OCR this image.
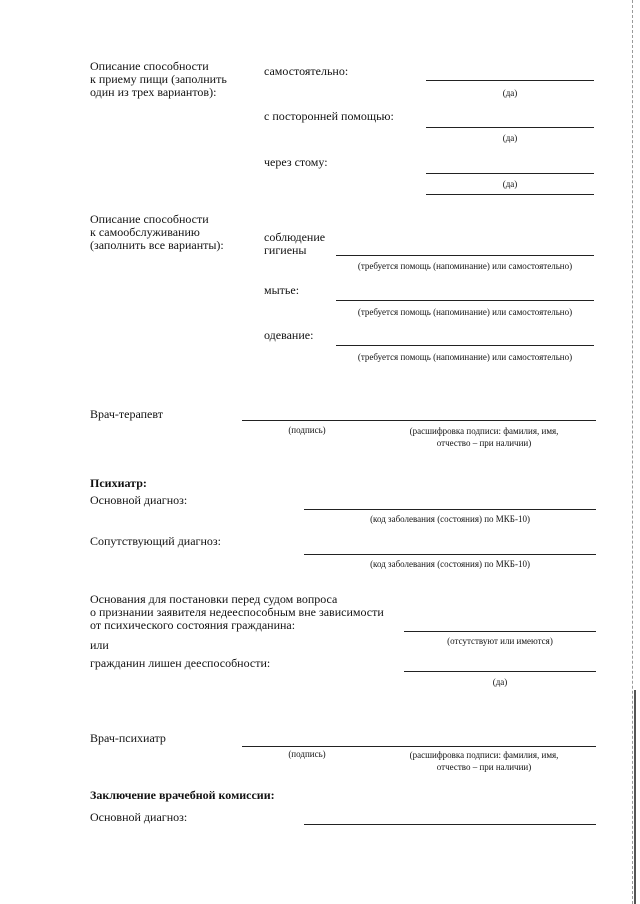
Описание способности
к приему пищи (заполнить
один из трех вариантов):
самостоятельно:
(да)
с посторонней помощью:
(да)
через стому:
(да)
Описание способности
к самообслуживанию
(заполнить все варианты):
соблюдение
гигиены
(требуется помощь (напоминание) или самостоятельно)
мытье:
(требуется помощь (напоминание) или самостоятельно)
одевание:
(требуется помощь (напоминание) или самостоятельно)
Врач-терапевт
(подпись)	(расшифровка подписи: фамилия, имя,
отчество – при наличии)
Психиатр:
Основной диагноз:
(код заболевания (состояния) по МКБ-10)
Сопутствующий диагноз:
(код заболевания (состояния) по МКБ-10)
Основания для постановки перед судом вопроса
о признании заявителя недееспособным вне зависимости
от психического состояния гражданина:
(отсутствуют или имеются)
или
гражданин лишен дееспособности:
(да)
Врач-психиатр
(подпись)	(расшифровка подписи: фамилия, имя,
отчество – при наличии)
Заключение врачебной комиссии:
Основной диагноз:
